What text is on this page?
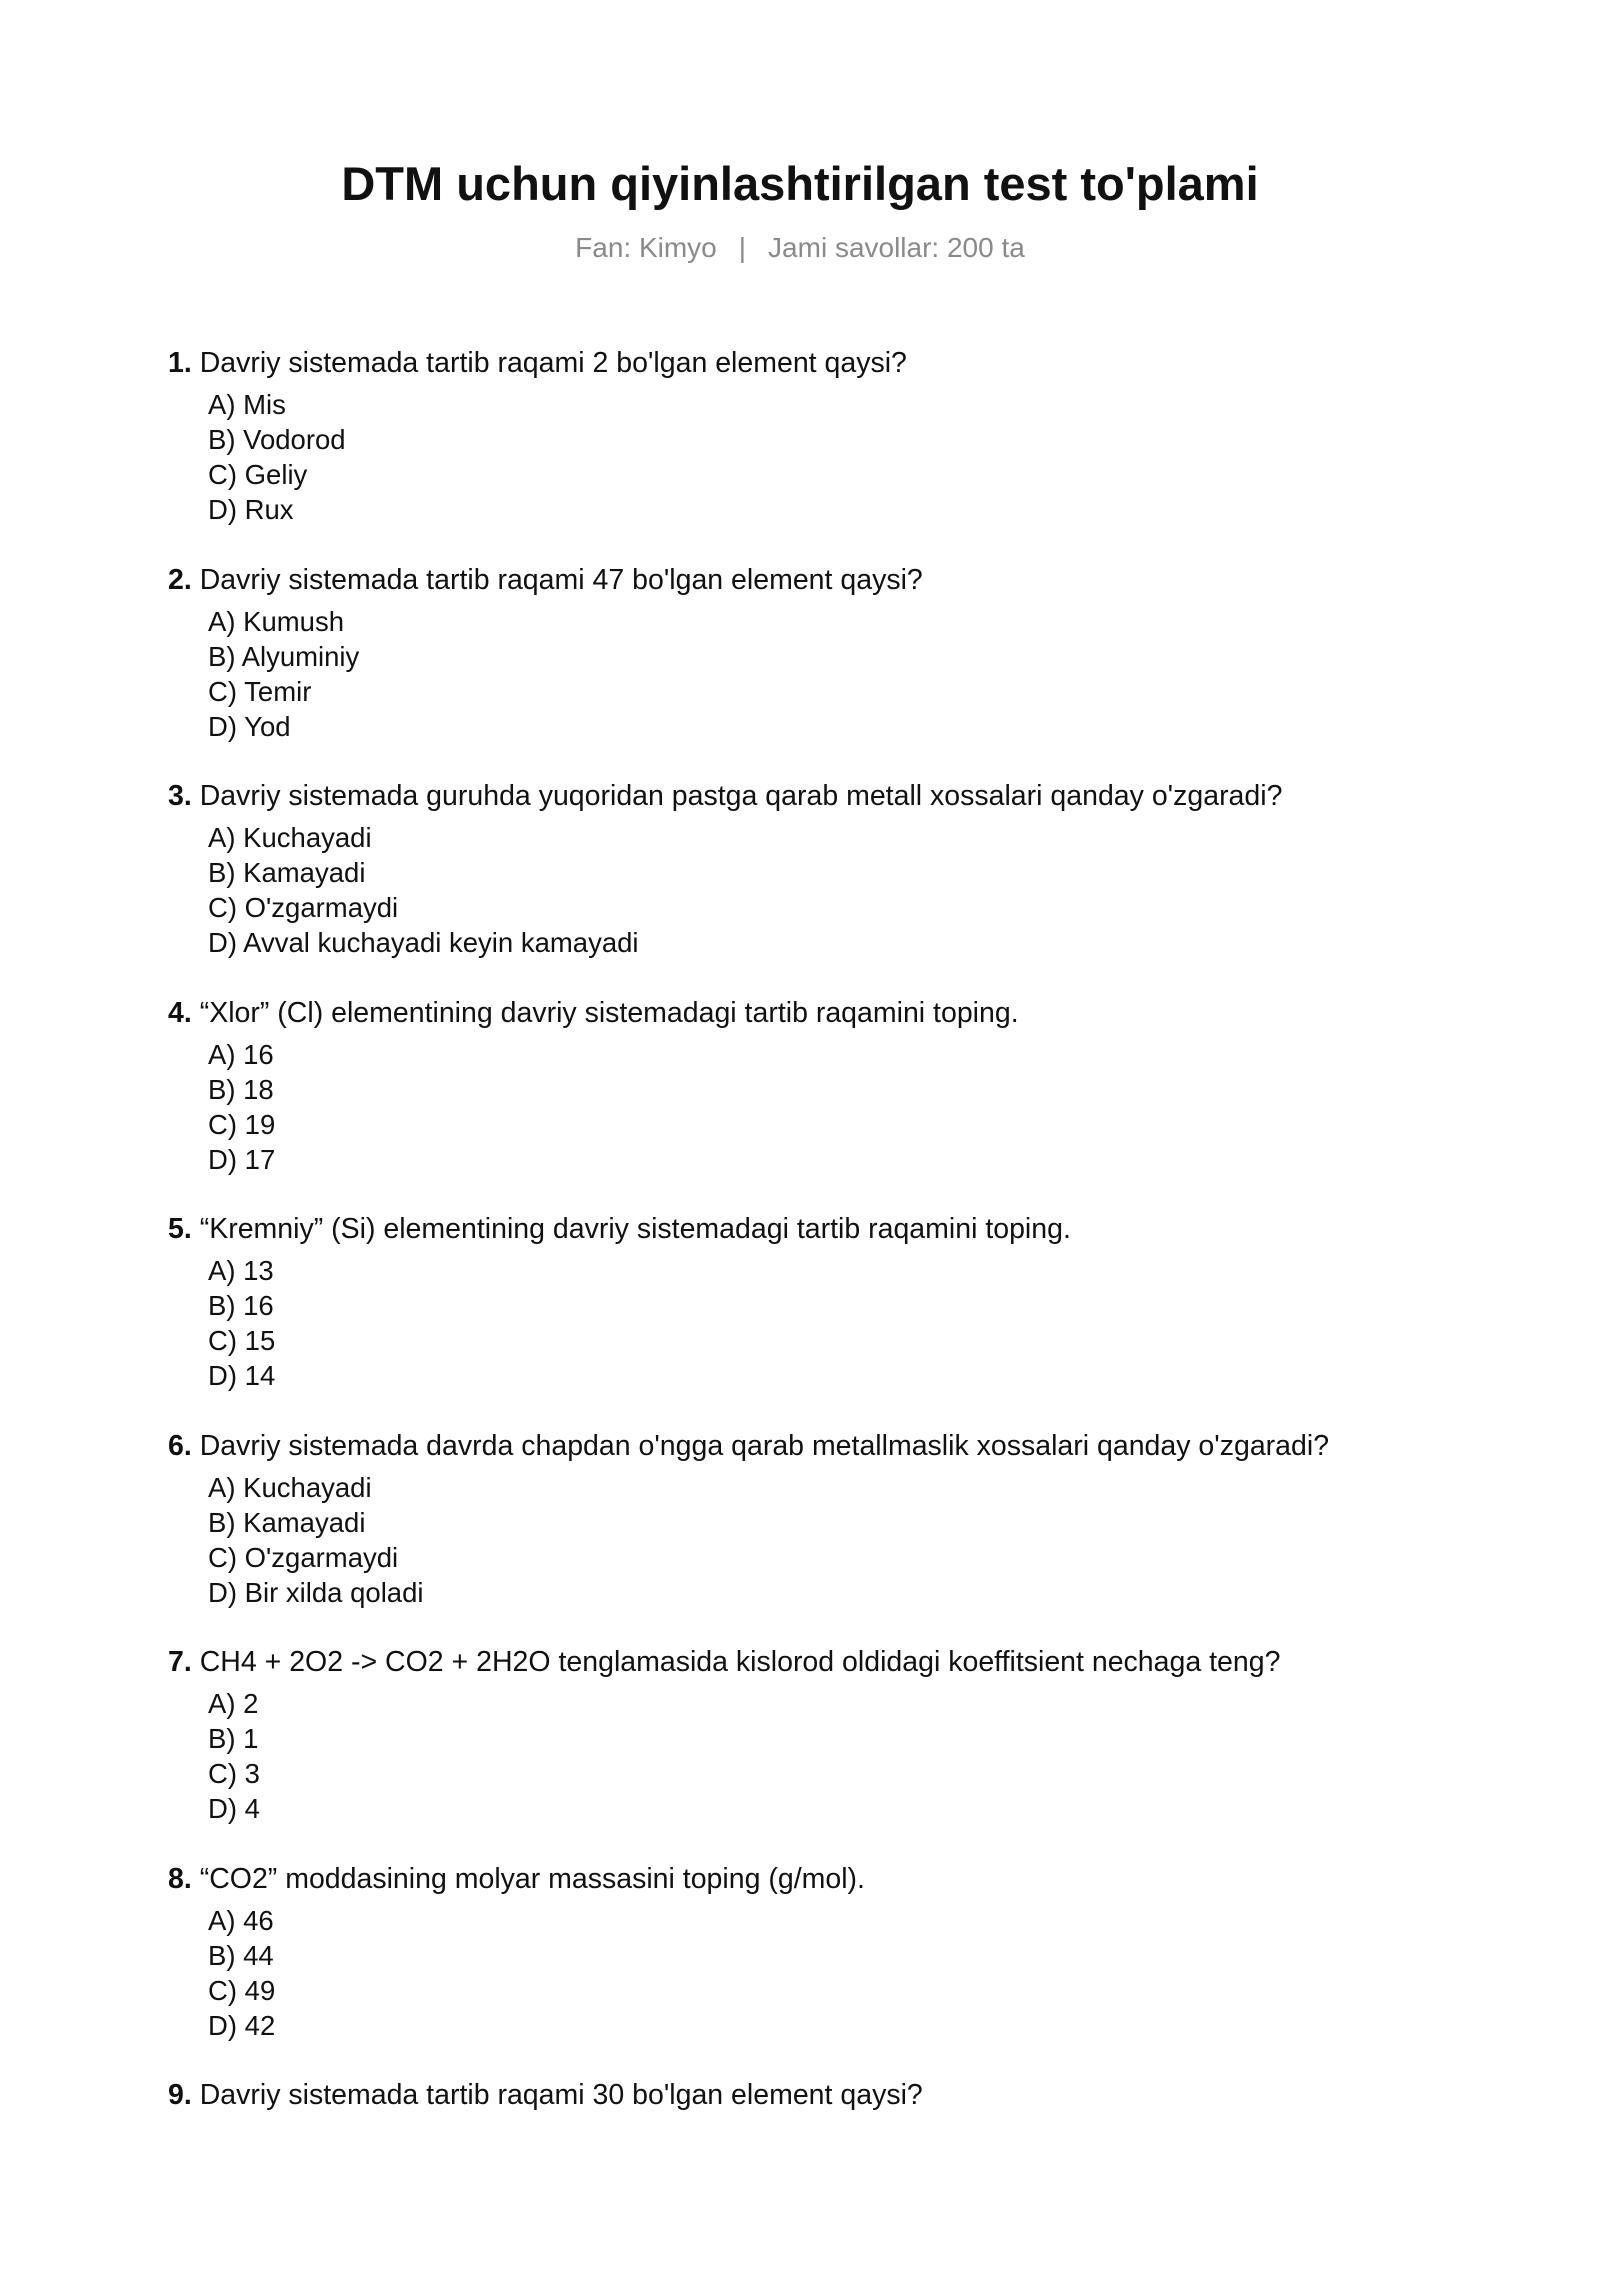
DTM uchun qiyinlashtirilgan test to'plami
Fan: Kimyo | Jami savollar: 200 ta
1. Davriy sistemada tartib raqami 2 bo'lgan element qaysi?
A) Mis
B) Vodorod
C) Geliy
D) Rux
2. Davriy sistemada tartib raqami 47 bo'lgan element qaysi?
A) Kumush
B) Alyuminiy
C) Temir
D) Yod
3. Davriy sistemada guruhda yuqoridan pastga qarab metall xossalari qanday o'zgaradi?
A) Kuchayadi
B) Kamayadi
C) O'zgarmaydi
D) Avval kuchayadi keyin kamayadi
4. “Xlor” (Cl) elementining davriy sistemadagi tartib raqamini toping.
A) 16
B) 18
C) 19
D) 17
5. “Kremniy” (Si) elementining davriy sistemadagi tartib raqamini toping.
A) 13
B) 16
C) 15
D) 14
6. Davriy sistemada davrda chapdan o'ngga qarab metallmaslik xossalari qanday o'zgaradi?
A) Kuchayadi
B) Kamayadi
C) O'zgarmaydi
D) Bir xilda qoladi
7. CH4 + 2O2 -> CO2 + 2H2O tenglamasida kislorod oldidagi koeffitsient nechaga teng?
A) 2
B) 1
C) 3
D) 4
8. “CO2” moddasining molyar massasini toping (g/mol).
A) 46
B) 44
C) 49
D) 42
9. Davriy sistemada tartib raqami 30 bo'lgan element qaysi?
